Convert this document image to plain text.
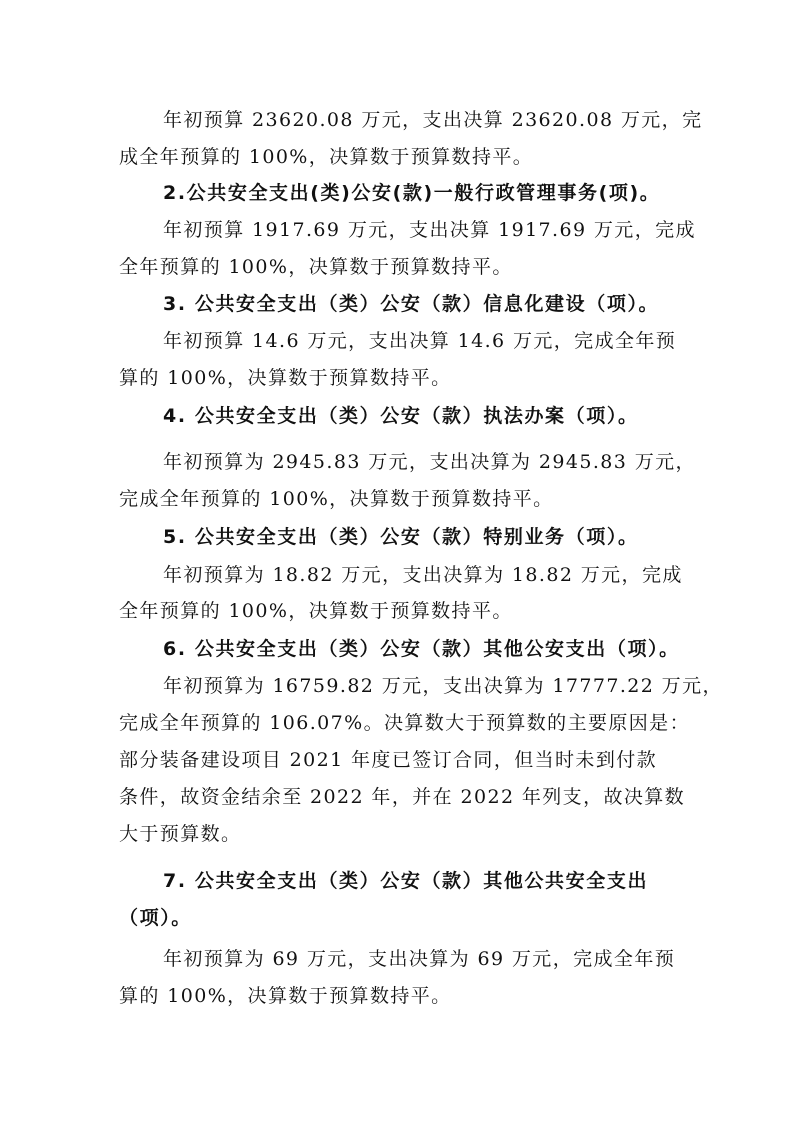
年初预算 23620.08 万元，支出决算 23620.08 万元，完
成全年预算的 100%，决算数于预算数持平。
2.公共安全支出(类)公安(款)一般行政管理事务(项)。
年初预算 1917.69 万元，支出决算 1917.69 万元，完成
全年预算的 100%，决算数于预算数持平。
3. 公共安全支出（类）公安（款）信息化建设（项）。
年初预算 14.6 万元，支出决算 14.6 万元，完成全年预
算的 100%，决算数于预算数持平。
4. 公共安全支出（类）公安（款）执法办案（项）。
年初预算为 2945.83 万元，支出决算为 2945.83 万元，
完成全年预算的 100%，决算数于预算数持平。
5. 公共安全支出（类）公安（款）特别业务（项）。
年初预算为 18.82 万元，支出决算为 18.82 万元，完成
全年预算的 100%，决算数于预算数持平。
6. 公共安全支出（类）公安（款）其他公安支出（项）。
年初预算为 16759.82 万元，支出决算为 17777.22 万元，
完成全年预算的 106.07%。决算数大于预算数的主要原因是：
部分装备建设项目 2021 年度已签订合同，但当时未到付款
条件，故资金结余至 2022 年，并在 2022 年列支，故决算数
大于预算数。
7. 公共安全支出（类）公安（款）其他公共安全支出
（项）。
年初预算为 69 万元，支出决算为 69 万元，完成全年预
算的 100%，决算数于预算数持平。
